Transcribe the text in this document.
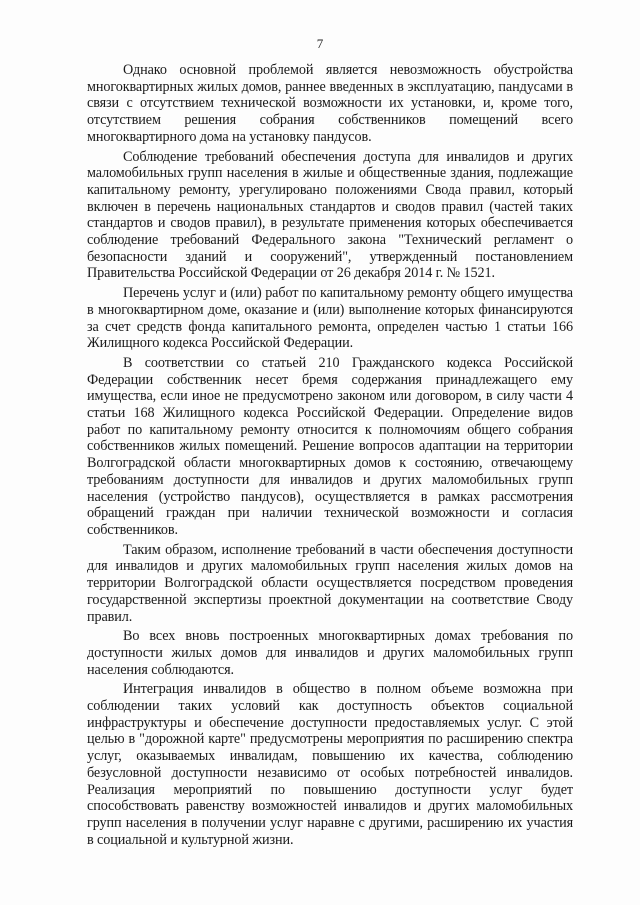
7

Однако основной проблемой является невозможность обустройства многоквартирных жилых домов, раннее введенных в эксплуатацию, пандусами в связи с отсутствием технической возможности их установки, и, кроме того, отсутствием решения собрания собственников помещений всего многоквартирного дома на установку пандусов.

Соблюдение требований обеспечения доступа для инвалидов и других маломобильных групп населения в жилые и общественные здания, подлежащие капитальному ремонту, урегулировано положениями Свода правил, который включен в перечень национальных стандартов и сводов правил (частей таких стандартов и сводов правил), в результате применения которых обеспечивается соблюдение требований Федерального закона "Технический регламент о безопасности зданий и сооружений", утвержденный постановлением Правительства Российской Федерации от 26 декабря 2014 г. № 1521.

Перечень услуг и (или) работ по капитальному ремонту общего имущества в многоквартирном доме, оказание и (или) выполнение которых финансируются за счет средств фонда капитального ремонта, определен частью 1 статьи 166 Жилищного кодекса Российской Федерации.

В соответствии со статьей 210 Гражданского кодекса Российской Федерации собственник несет бремя содержания принадлежащего ему имущества, если иное не предусмотрено законом или договором, в силу части 4 статьи 168 Жилищного кодекса Российской Федерации. Определение видов работ по капитальному ремонту относится к полномочиям общего собрания собственников жилых помещений. Решение вопросов адаптации на территории Волгоградской области многоквартирных домов к состоянию, отвечающему требованиям доступности для инвалидов и других маломобильных групп населения (устройство пандусов), осуществляется в рамках рассмотрения обращений граждан при наличии технической возможности и согласия собственников.

Таким образом, исполнение требований в части обеспечения доступности для инвалидов и других маломобильных групп населения жилых домов на территории Волгоградской области осуществляется посредством проведения государственной экспертизы проектной документации на соответствие Своду правил.

Во всех вновь построенных многоквартирных домах требования по доступности жилых домов для инвалидов и других маломобильных групп населения соблюдаются.

Интеграция инвалидов в общество в полном объеме возможна при соблюдении таких условий как доступность объектов социальной инфраструктуры и обеспечение доступности предоставляемых услуг. С этой целью в "дорожной карте" предусмотрены мероприятия по расширению спектра услуг, оказываемых инвалидам, повышению их качества, соблюдению безусловной доступности независимо от особых потребностей инвалидов. Реализация мероприятий по повышению доступности услуг будет способствовать равенству возможностей инвалидов и других маломобильных групп населения в получении услуг наравне с другими, расширению их участия в социальной и культурной жизни.
